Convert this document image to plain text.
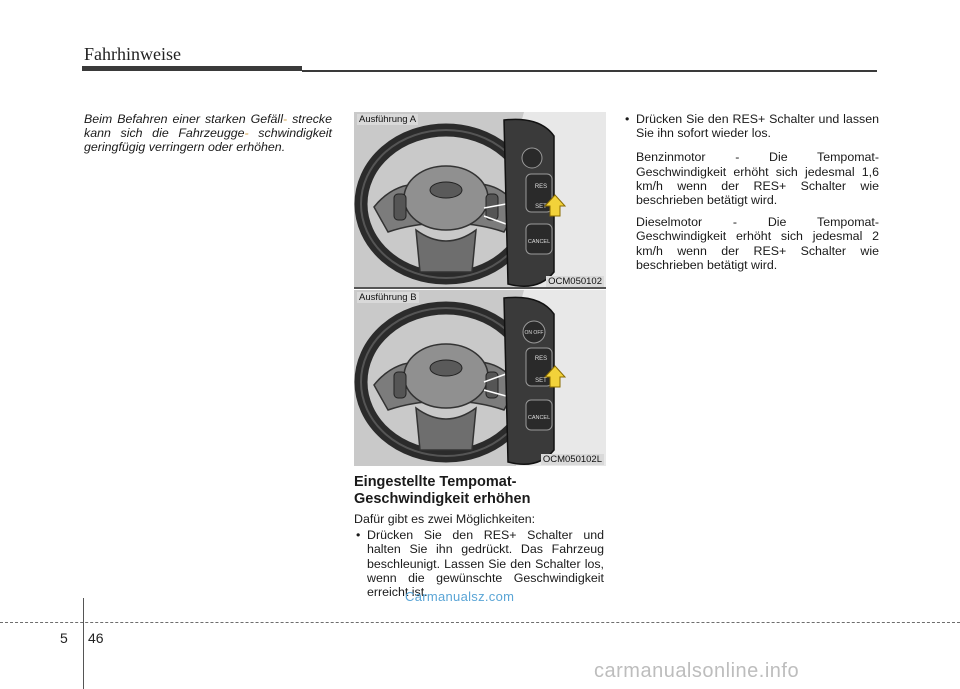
Fahrhinweise

Beim Befahren einer starken Gefäll- strecke kann sich die Fahrzeugge- schwindigkeit geringfügig verringern oder erhöhen.

RES
SET
CANCEL
Ausführung A
OCM050102
ON OFF
RES
SET
CANCEL
Ausführung B
OCM050102L
Eingestellte Tempomat-Geschwindigkeit erhöhen

Dafür gibt es zwei Möglichkeiten:

• Drücken Sie den RES+ Schalter und halten Sie ihn gedrückt. Das Fahrzeug beschleunigt. Lassen Sie den Schalter los, wenn die gewünschte Geschwindigkeit erreicht ist.

• Drücken Sie den RES+ Schalter und lassen Sie ihn sofort wieder los.

Benzinmotor - Die Tempomat-Geschwindigkeit erhöht sich jedesmal 1,6 km/h wenn der RES+ Schalter wie beschrieben betätigt wird.

Dieselmotor - Die Tempomat-Geschwindigkeit erhöht sich jedesmal 2 km/h wenn der RES+ Schalter wie beschrieben betätigt wird.

Carmanualsz.com
5 46
carmanualsonline.info
